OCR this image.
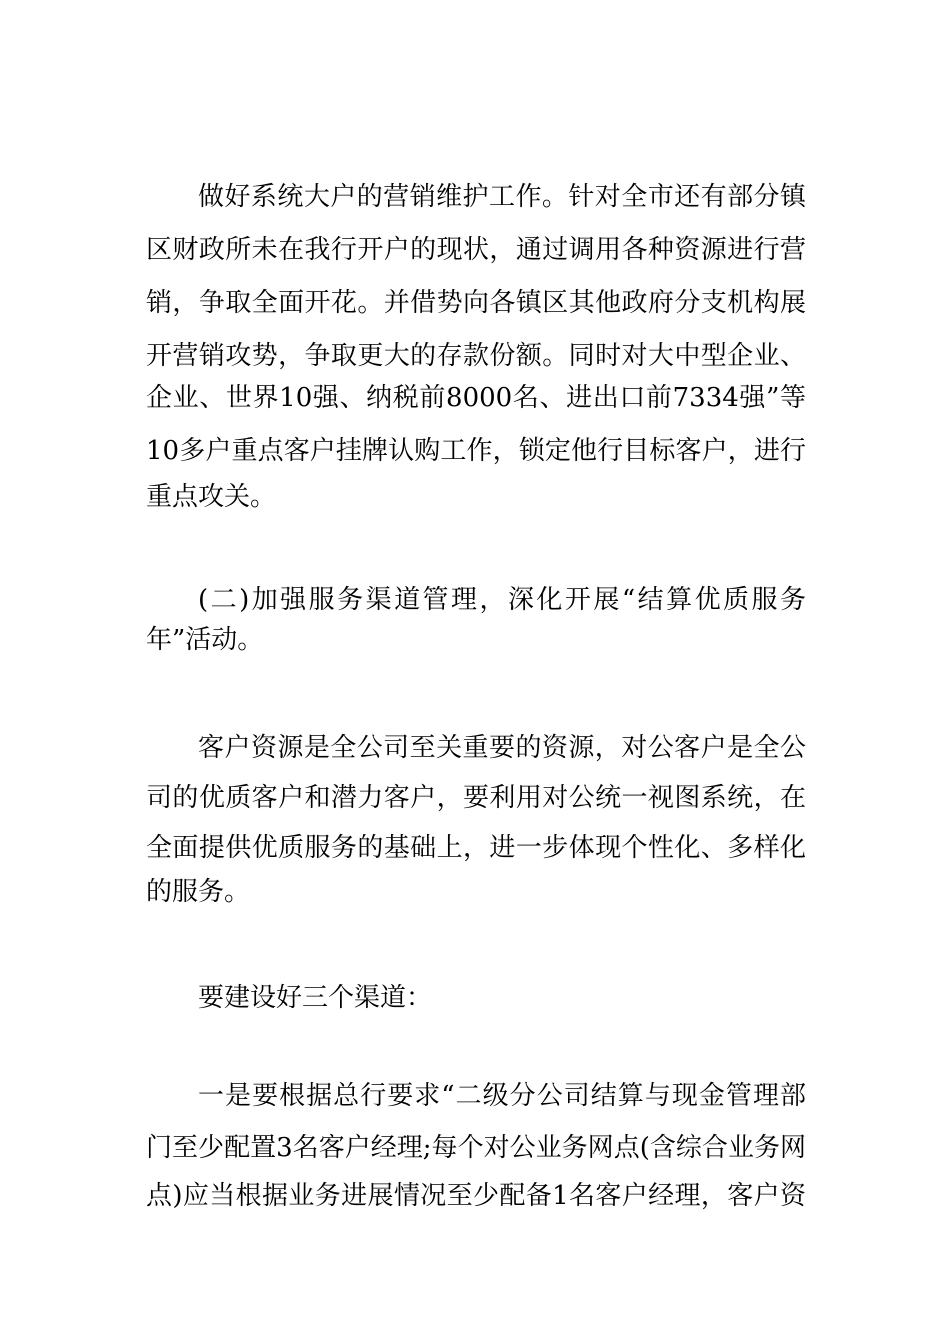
做好系统大户的营销维护工作。针对全市还有部分镇
区财政所未在我行开户的现状，通过调用各种资源进行营
销，争取全面开花。并借势向各镇区其他政府分支机构展
开营销攻势，争取更大的存款份额。同时对大中型企业、
企业、世界10强、纳税前8000名、进出口前7334强”等
10多户重点客户挂牌认购工作，锁定他行目标客户，进行
重点攻关。
(二)加强服务渠道管理，深化开展“结算优质服务
年”活动。
客户资源是全公司至关重要的资源，对公客户是全公
司的优质客户和潜力客户，要利用对公统一视图系统，在
全面提供优质服务的基础上，进一步体现个性化、多样化
的服务。
要建设好三个渠道：
一是要根据总行要求“二级分公司结算与现金管理部
门至少配置3名客户经理;每个对公业务网点(含综合业务网
点)应当根据业务进展情况至少配备1名客户经理，客户资
